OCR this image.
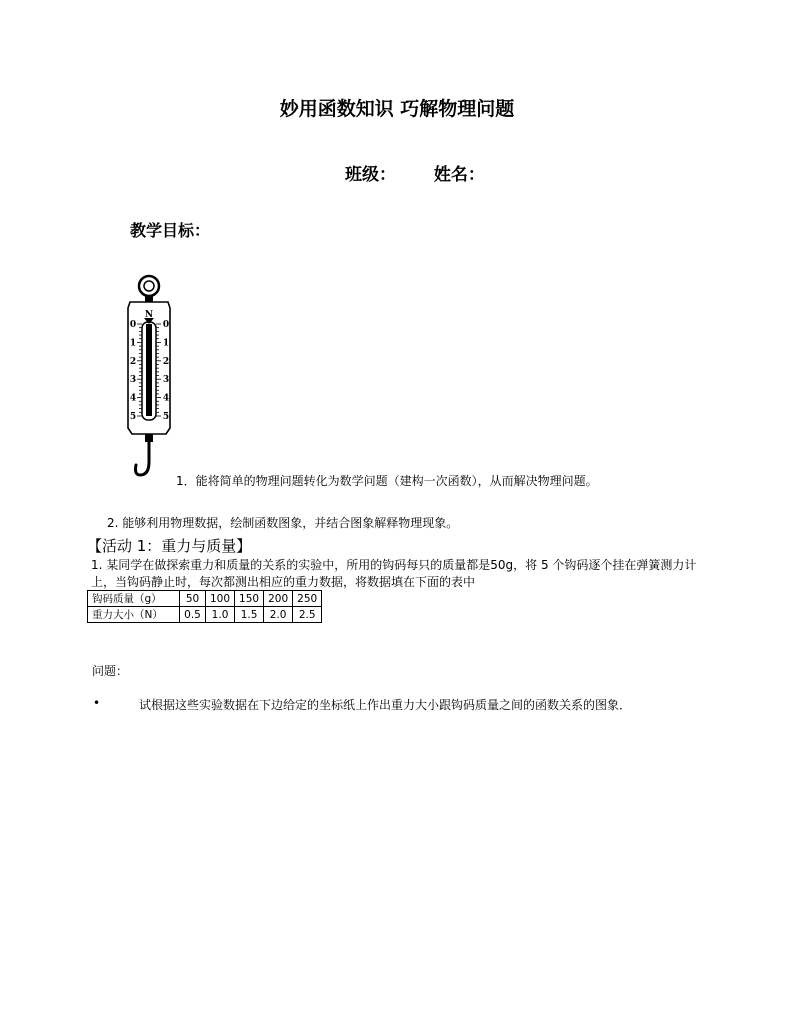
妙用函数知识 巧解物理问题
班级： 姓名：
教学目标：
N
0
1
2
3
4
5
0
1
2
3
4
5
1．能将简单的物理问题转化为数学问题（建构一次函数），从而解决物理问题。
2. 能够利用物理数据，绘制函数图象，并结合图象解释物理现象。
【活动 1：重力与质量】
1. 某同学在做探索重力和质量的关系的实验中，所用的钩码每只的质量都是50g，将 5 个钩码逐个挂在弹簧测力计上，当钩码静止时，每次都测出相应的重力数据，将数据填在下面的表中
钩码质量（g）	50	100	150	200	250
重力大小（N）	0.5	1.0	1.5	2.0	2.5
问题：
•	试根据这些实验数据在下边给定的坐标纸上作出重力大小跟钩码质量之间的函数关系的图象．
